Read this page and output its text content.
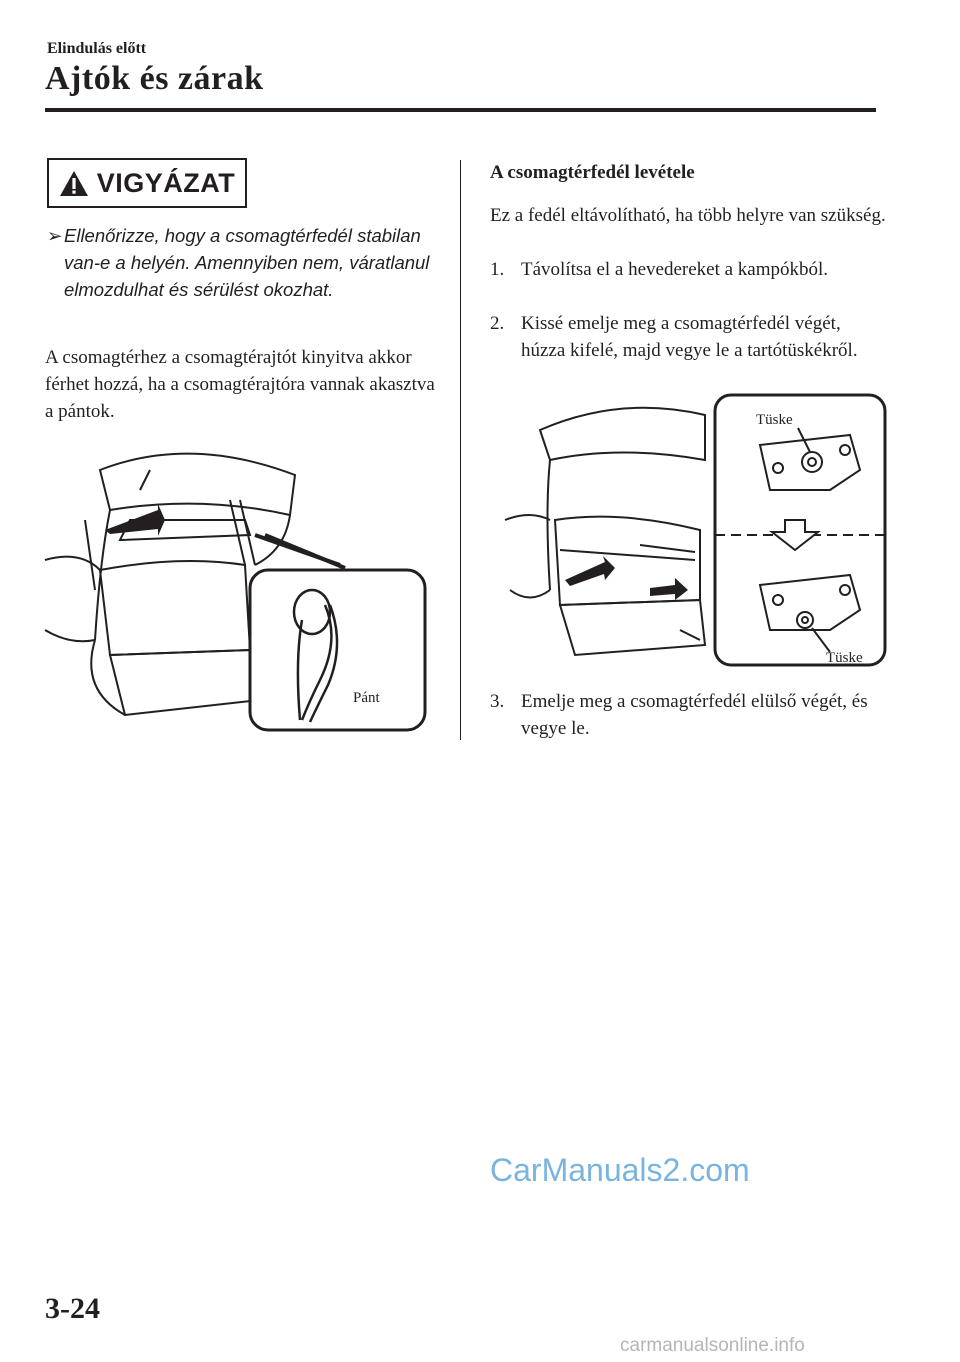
Elindulás előtt
Ajtók és zárak
VIGYÁZAT
➢ Ellenőrizze, hogy a csomagtérfedél stabilan van-e a helyén. Amennyiben nem, váratlanul elmozdulhat és sérülést okozhat.
A csomagtérhez a csomagtérajtót kinyitva akkor férhet hozzá, ha a csomagtérajtóra vannak akasztva a pántok.
Pánt
A csomagtérfedél levétele
Ez a fedél eltávolítható, ha több helyre van szükség.
1. Távolítsa el a hevedereket a kampókból.
2. Kissé emelje meg a csomagtérfedél végét, húzza kifelé, majd vegye le a tartótüskékről.
Tüske
Tüske
3. Emelje meg a csomagtérfedél elülső végét, és vegye le.
CarManuals2.com
3-24
carmanualsonline.info
